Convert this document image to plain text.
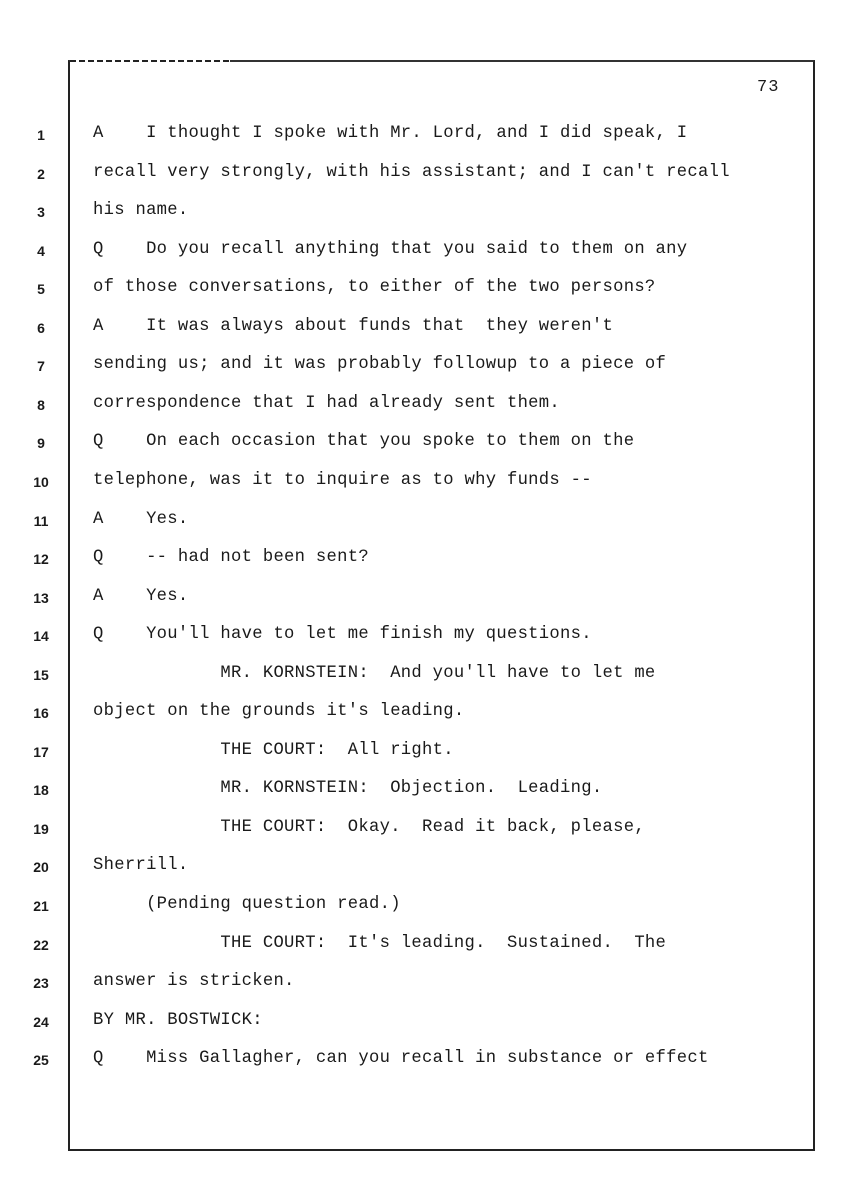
73
1
2
3
4
5
6
7
8
9
10
11
12
13
14
15
16
17
18
19
20
21
22
23
24
25
A    I thought I spoke with Mr. Lord, and I did speak, I
recall very strongly, with his assistant; and I can't recall
his name.
Q    Do you recall anything that you said to them on any
of those conversations, to either of the two persons?
A    It was always about funds that  they weren't
sending us; and it was probably followup to a piece of
correspondence that I had already sent them.
Q    On each occasion that you spoke to them on the
telephone, was it to inquire as to why funds --
A    Yes.
Q    -- had not been sent?
A    Yes.
Q    You'll have to let me finish my questions.
MR. KORNSTEIN:  And you'll have to let me
object on the grounds it's leading.
THE COURT:  All right.
MR. KORNSTEIN:  Objection.  Leading.
THE COURT:  Okay.  Read it back, please,
Sherrill.
(Pending question read.)
THE COURT:  It's leading.  Sustained.  The
answer is stricken.
BY MR. BOSTWICK:
Q    Miss Gallagher, can you recall in substance or effect
